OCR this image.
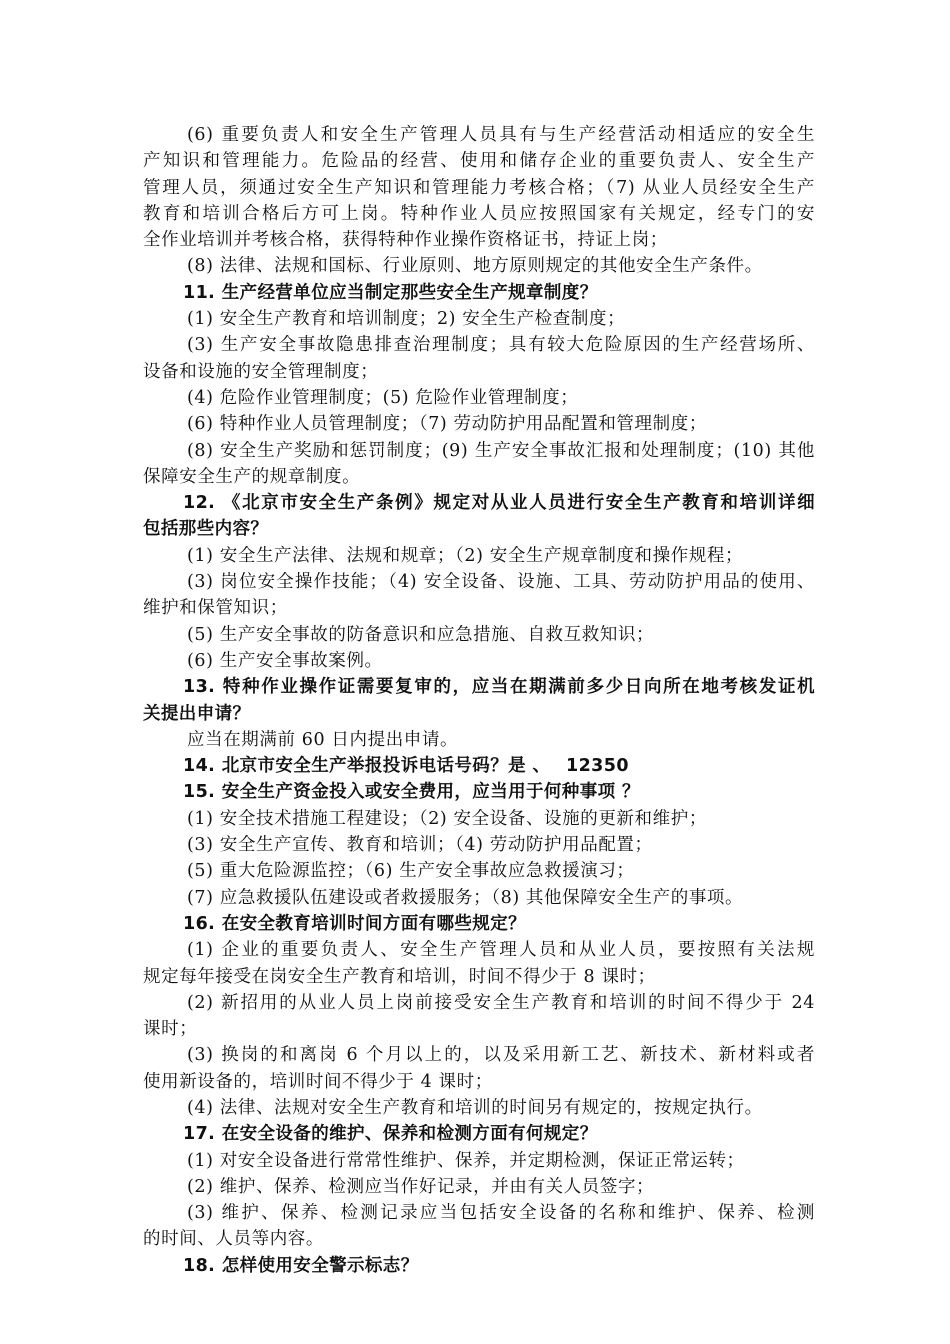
(6) 重要负责人和安全生产管理人员具有与生产经营活动相适应的安全生
产知识和管理能力。危险品的经营、使用和储存企业的重要负责人、安全生产
管理人员，须通过安全生产知识和管理能力考核合格；（7) 从业人员经安全生产
教育和培训合格后方可上岗。特种作业人员应按照国家有关规定，经专门的安
全作业培训并考核合格，获得特种作业操作资格证书，持证上岗；
(8) 法律、法规和国标、行业原则、地方原则规定的其他安全生产条件。
11. 生产经营单位应当制定那些安全生产规章制度？
(1) 安全生产教育和培训制度；2) 安全生产检查制度；
(3) 生产安全事故隐患排查治理制度；具有较大危险原因的生产经营场所、
设备和设施的安全管理制度；
(4) 危险作业管理制度；(5) 危险作业管理制度；
(6) 特种作业人员管理制度；（7) 劳动防护用品配置和管理制度；
(8) 安全生产奖励和惩罚制度；(9) 生产安全事故汇报和处理制度；(10) 其他
保障安全生产的规章制度。
12. 《北京市安全生产条例》规定对从业人员进行安全生产教育和培训详细
包括那些内容？
(1) 安全生产法律、法规和规章；（2) 安全生产规章制度和操作规程；
(3) 岗位安全操作技能；（4) 安全设备、设施、工具、劳动防护用品的使用、
维护和保管知识；
(5) 生产安全事故的防备意识和应急措施、自救互救知识；
(6) 生产安全事故案例。
13. 特种作业操作证需要复审的，应当在期满前多少日向所在地考核发证机
关提出申请？
应当在期满前 60 日内提出申请。
14. 北京市安全生产举报投诉电话号码？是 、　 12350
15. 安全生产资金投入或安全费用，应当用于何种事项 ？
(1) 安全技术措施工程建设；（2) 安全设备、设施的更新和维护；
(3) 安全生产宣传、教育和培训；（4) 劳动防护用品配置；
(5) 重大危险源监控；（6) 生产安全事故应急救援演习；
(7) 应急救援队伍建设或者救援服务；（8) 其他保障安全生产的事项。
16. 在安全教育培训时间方面有哪些规定？
(1) 企业的重要负责人、安全生产管理人员和从业人员，要按照有关法规
规定每年接受在岗安全生产教育和培训，时间不得少于 8 课时；
(2) 新招用的从业人员上岗前接受安全生产教育和培训的时间不得少于 24
课时；
(3) 换岗的和离岗 6 个月以上的，以及采用新工艺、新技术、新材料或者
使用新设备的，培训时间不得少于 4 课时；
(4) 法律、法规对安全生产教育和培训的时间另有规定的，按规定执行。
17. 在安全设备的维护、保养和检测方面有何规定？
(1) 对安全设备进行常常性维护、保养，并定期检测，保证正常运转；
(2) 维护、保养、检测应当作好记录，并由有关人员签字；
(3) 维护、保养、检测记录应当包括安全设备的名称和维护、保养、检测
的时间、人员等内容。
18. 怎样使用安全警示标志？
